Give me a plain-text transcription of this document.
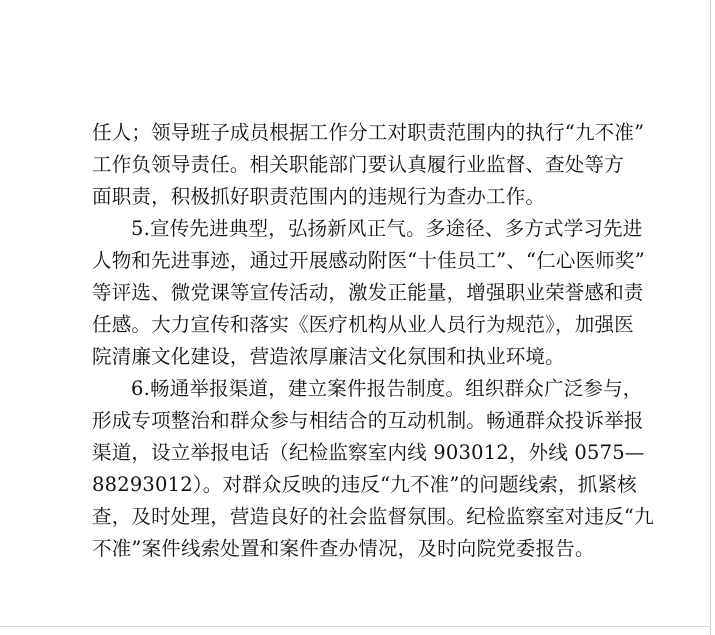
任人；领导班子成员根据工作分工对职责范围内的执行“九不准”
工作负领导责任。相关职能部门要认真履行业监督、查处等方
面职责，积极抓好职责范围内的违规行为查办工作。
5.宣传先进典型，弘扬新风正气。多途径、多方式学习先进
人物和先进事迹，通过开展感动附医“十佳员工”、“仁心医师奖”
等评选、微党课等宣传活动，激发正能量，增强职业荣誉感和责
任感。大力宣传和落实《医疗机构从业人员行为规范》，加强医
院清廉文化建设，营造浓厚廉洁文化氛围和执业环境。
6.畅通举报渠道，建立案件报告制度。组织群众广泛参与，
形成专项整治和群众参与相结合的互动机制。畅通群众投诉举报
渠道，设立举报电话（纪检监察室内线 903012，外线 0575—
88293012）。对群众反映的违反“九不准”的问题线索，抓紧核
查，及时处理，营造良好的社会监督氛围。纪检监察室对违反“九
不准”案件线索处置和案件查办情况，及时向院党委报告。
